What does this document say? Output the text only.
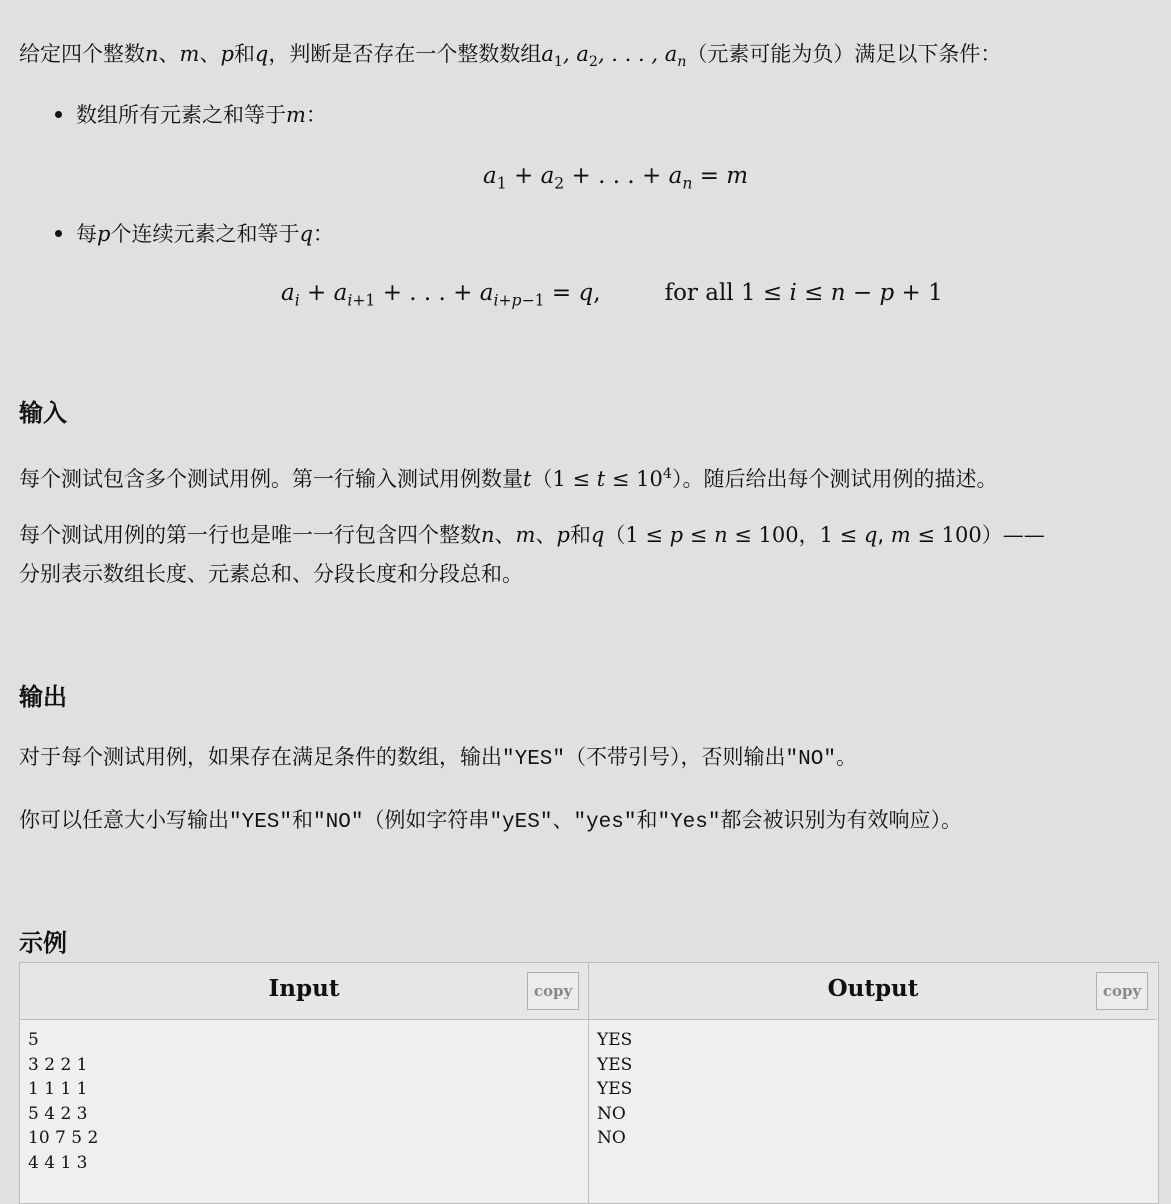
给定四个整数n、m、p和q，判断是否存在一个整数数组$a_1$, $a_2$, . . . , $a_n$（元素可能为负）满足以下条件：
数组所有元素之和等于m：
$a_1 + a_2$ + . . . + $a_n = m$
每p个连续元素之和等于q：
$a_i + a_{i+1}$ + . . . + $a_{i+p-1} = q$,	for all 1 ≤ i ≤ n − p + 1
输入
每个测试包含多个测试用例。第一行输入测试用例数量$t(1 \le t \le 10^4)$。随后给出每个测试用例的描述。
每个测试用例的第一行也是唯一一行包含四个整数n、m、p和q（1 ≤ p ≤ n ≤ 100，1 ≤ q, m ≤ 100）——
分别表示数组长度、元素总和、分段长度和分段总和。
输出
对于每个测试用例，如果存在满足条件的数组，输出"YES"（不带引号），否则输出"NO"。
你可以任意大小写输出"YES"和"NO"（例如字符串"yES"、"yes"和"Yes"都会被识别为有效响应）。
示例
Input	copy
5
3 2 2 1
1 1 1 1
5 4 2 3
10 7 5 2
4 4 1 3
Output	copy
YES
YES
YES
NO
NO
